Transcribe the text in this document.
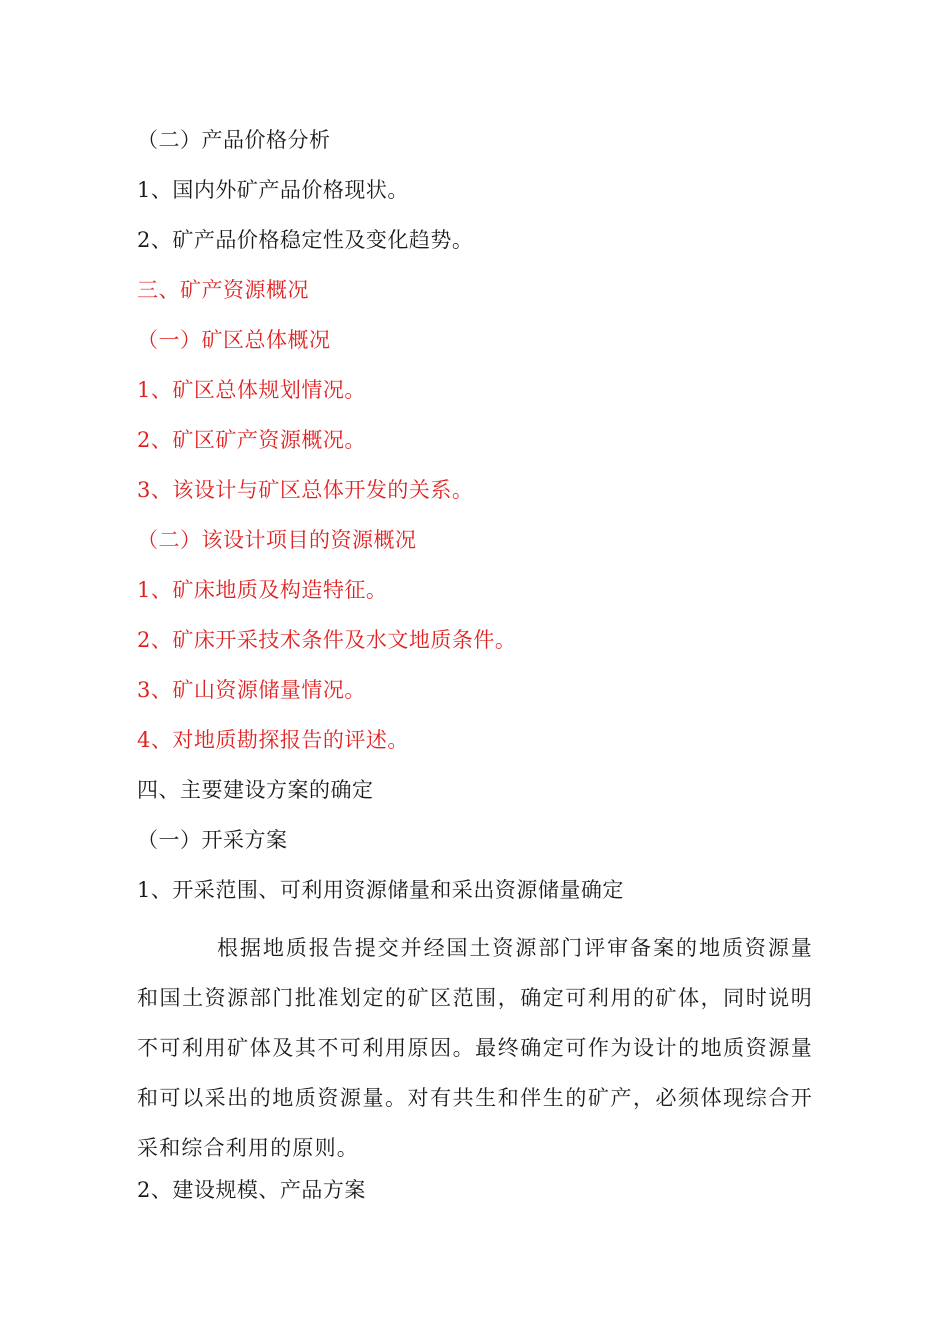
（二）产品价格分析
1、国内外矿产品价格现状。
2、矿产品价格稳定性及变化趋势。
三、矿产资源概况
（一）矿区总体概况
1、矿区总体规划情况。
2、矿区矿产资源概况。
3、该设计与矿区总体开发的关系。
（二）该设计项目的资源概况
1、矿床地质及构造特征。
2、矿床开采技术条件及水文地质条件。
3、矿山资源储量情况。
4、对地质勘探报告的评述。
四、主要建设方案的确定
（一）开采方案
1、开采范围、可利用资源储量和采出资源储量确定
根据地质报告提交并经国土资源部门评审备案的地质资源量和国土资源部门批准划定的矿区范围，确定可利用的矿体，同时说明不可利用矿体及其不可利用原因。最终确定可作为设计的地质资源量和可以采出的地质资源量。对有共生和伴生的矿产，必须体现综合开采和综合利用的原则。
2、建设规模、产品方案
